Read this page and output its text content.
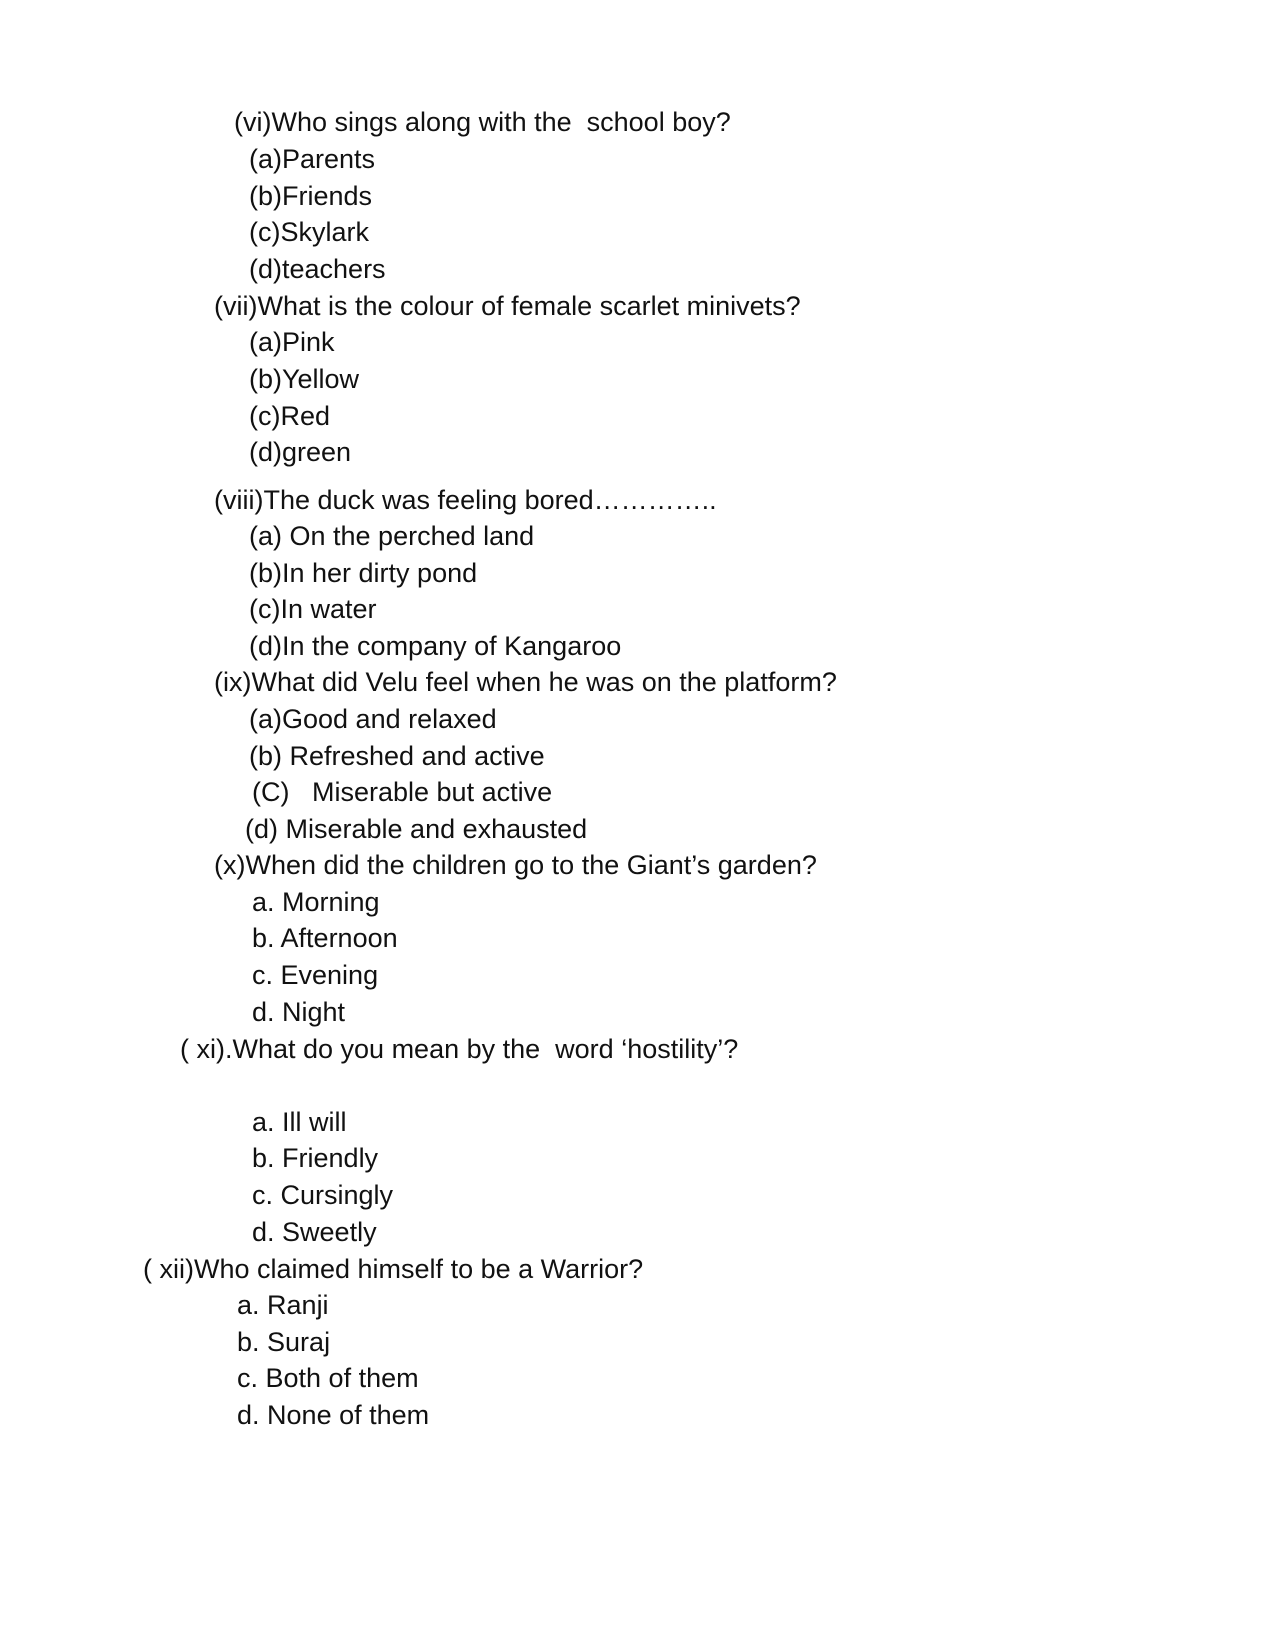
(vi)Who sings along with the  school boy?
(a)Parents
(b)Friends
(c)Skylark
(d)teachers
(vii)What is the colour of female scarlet minivets?
(a)Pink
(b)Yellow
(c)Red
(d)green
(viii)The duck was feeling bored…………..
(a) On the perched land
(b)In her dirty pond
(c)In water
(d)In the company of Kangaroo
(ix)What did Velu feel when he was on the platform?
(a)Good and relaxed
(b) Refreshed and active
(C)   Miserable but active
(d) Miserable and exhausted
(x)When did the children go to the Giant’s garden?
a. Morning
b. Afternoon
c. Evening
d. Night
( xi).What do you mean by the  word ‘hostility’?
a. Ill will
b. Friendly
c. Cursingly
d. Sweetly
( xii)Who claimed himself to be a Warrior?
a. Ranji
b. Suraj
c. Both of them
d. None of them
